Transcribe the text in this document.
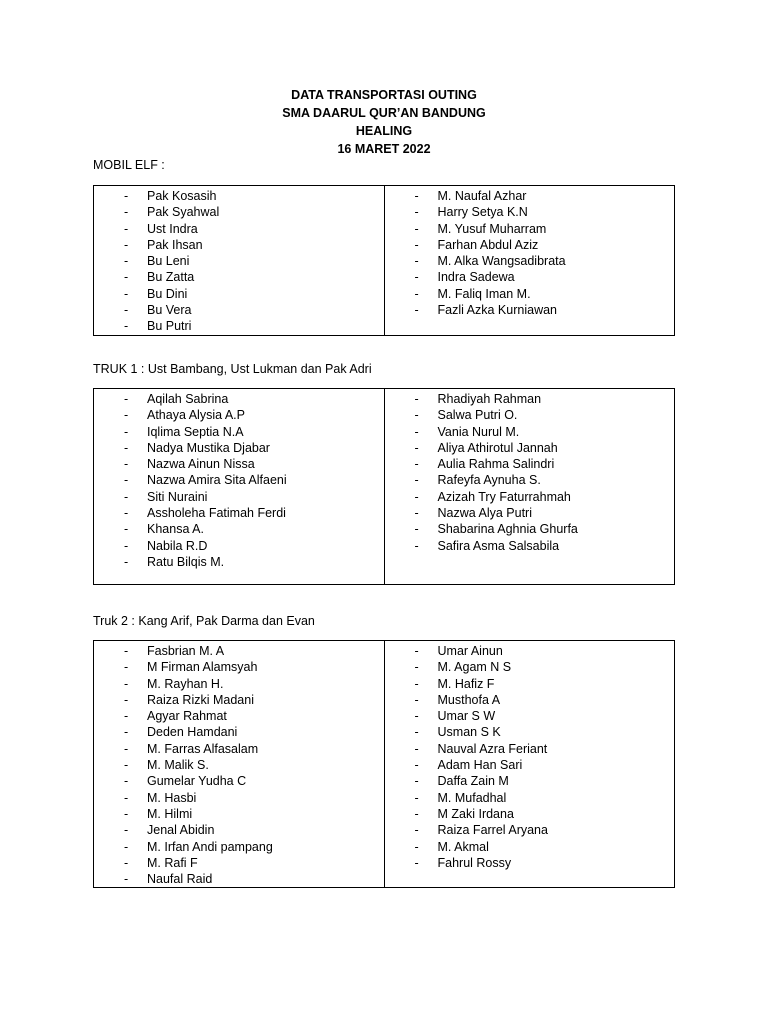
DATA TRANSPORTASI OUTING
SMA DAARUL QUR’AN BANDUNG
HEALING
16 MARET 2022
MOBIL ELF :
- Pak Kosasih
- Pak Syahwal
- Ust Indra
- Pak Ihsan
- Bu Leni
- Bu Zatta
- Bu Dini
- Bu Vera
- Bu Putri

- M. Naufal Azhar
- Harry Setya K.N
- M. Yusuf Muharram
- Farhan Abdul Aziz
- M. Alka Wangsadibrata
- Indra Sadewa
- M. Faliq Iman M.
- Fazli Azka Kurniawan
TRUK 1 : Ust Bambang, Ust Lukman dan Pak Adri
- Aqilah Sabrina
- Athaya Alysia A.P
- Iqlima Septia N.A
- Nadya Mustika Djabar
- Nazwa Ainun Nissa
- Nazwa Amira Sita Alfaeni
- Siti Nuraini
- Assholeha Fatimah Ferdi
- Khansa A.
- Nabila R.D
- Ratu Bilqis M.

- Rhadiyah Rahman
- Salwa Putri O.
- Vania Nurul M.
- Aliya Athirotul Jannah
- Aulia Rahma Salindri
- Rafeyfa Aynuha S.
- Azizah Try Faturrahmah
- Nazwa Alya Putri
- Shabarina Aghnia Ghurfa
- Safira Asma Salsabila
Truk 2 : Kang Arif, Pak Darma dan Evan
- Fasbrian M. A
- M Firman Alamsyah
- M. Rayhan H.
- Raiza Rizki Madani
- Agyar Rahmat
- Deden Hamdani
- M. Farras Alfasalam
- M. Malik S.
- Gumelar Yudha C
- M. Hasbi
- M. Hilmi
- Jenal Abidin
- M. Irfan Andi pampang
- M. Rafi F
- Naufal Raid

- Umar Ainun
- M. Agam N S
- M. Hafiz F
- Musthofa A
- Umar S W
- Usman S K
- Nauval Azra Feriant
- Adam Han Sari
- Daffa Zain M
- M. Mufadhal
- M Zaki Irdana
- Raiza Farrel Aryana
- M. Akmal
- Fahrul Rossy
